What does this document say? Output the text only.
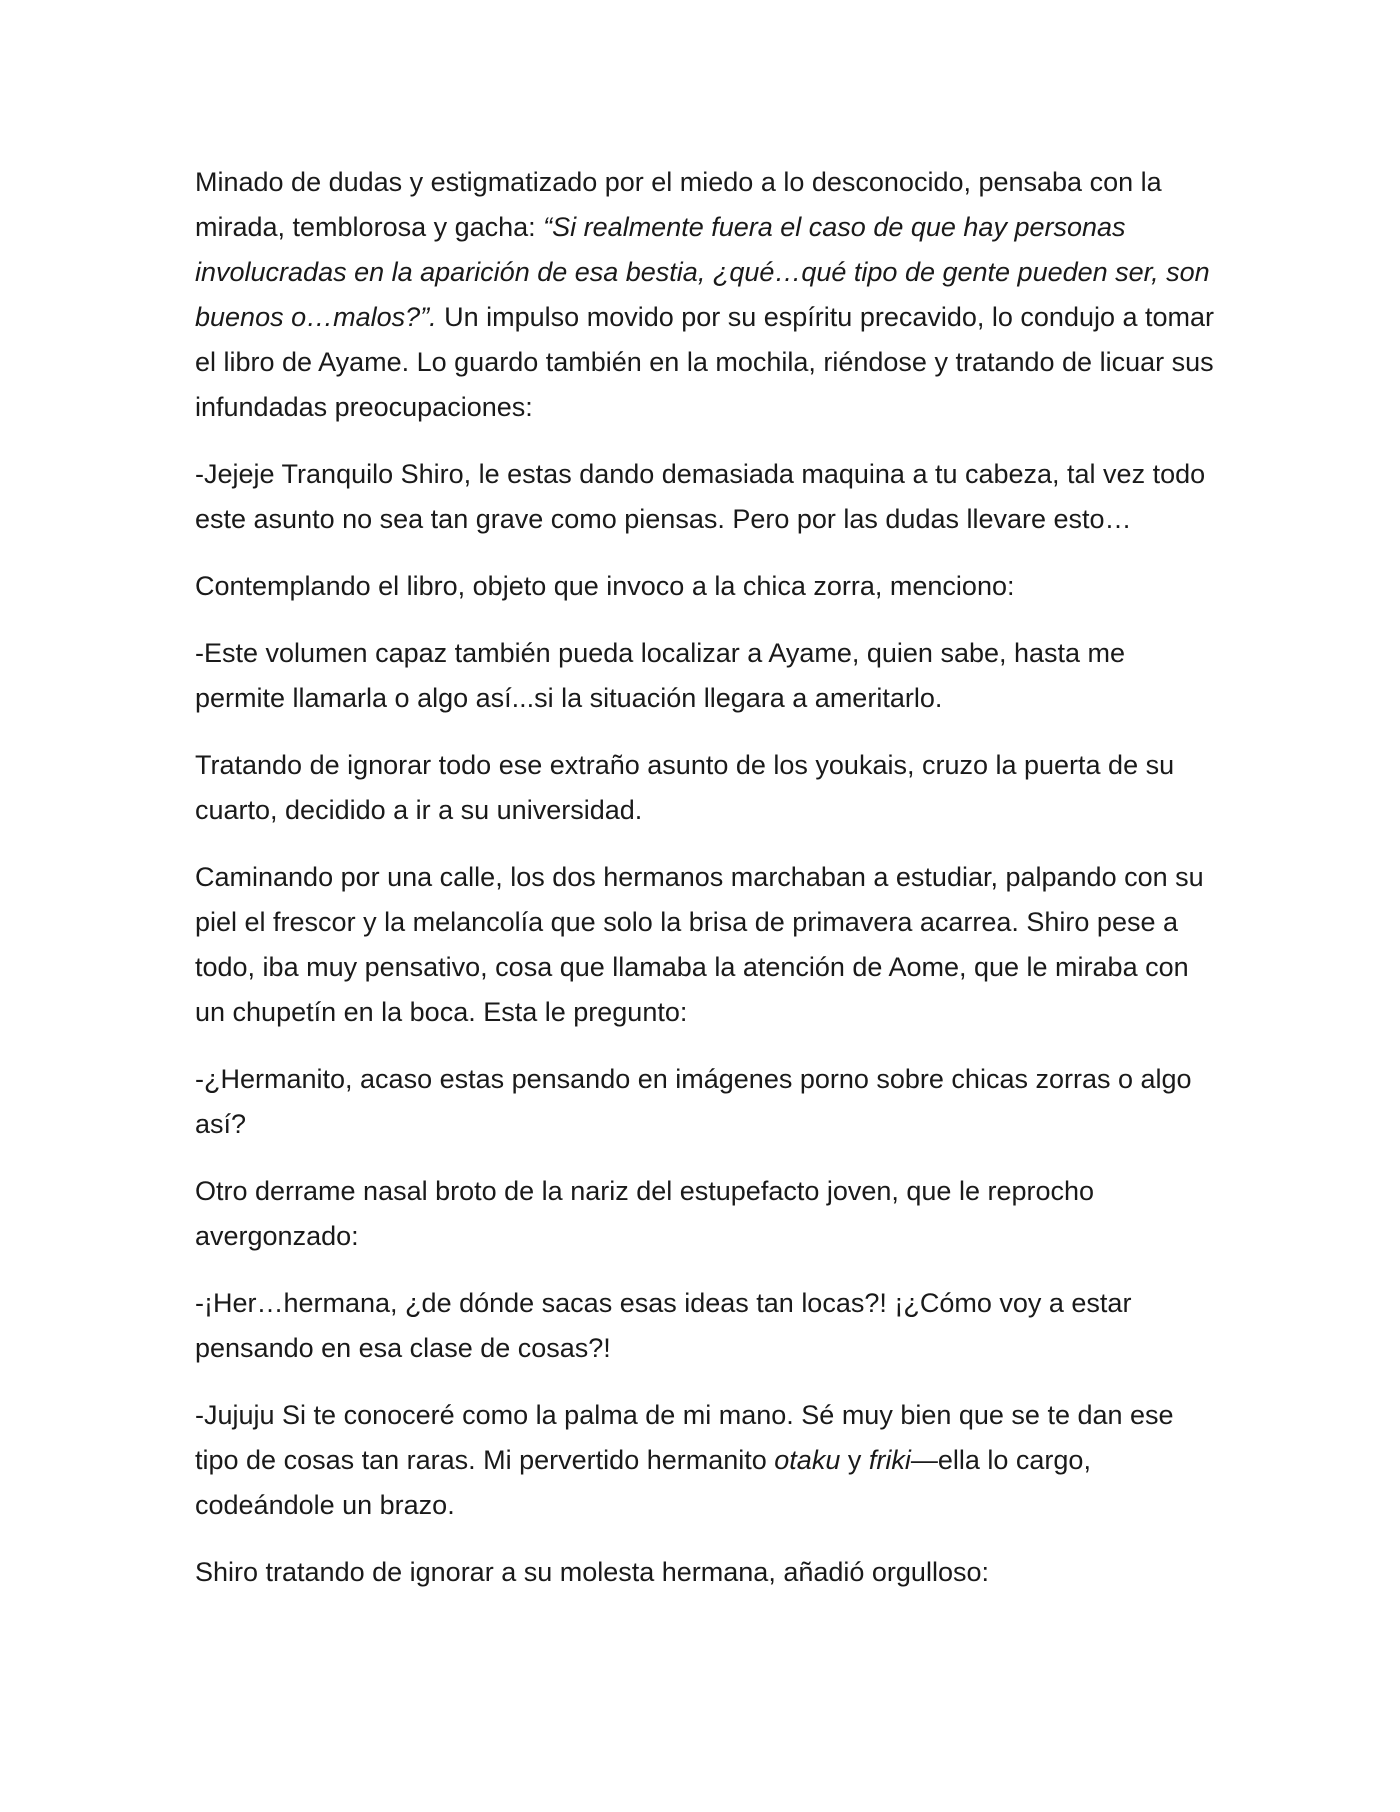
Minado de dudas y estigmatizado por el miedo a lo desconocido, pensaba con la mirada, temblorosa y gacha: “Si realmente fuera el caso de que hay personas involucradas en la aparición de esa bestia, ¿qué…qué tipo de gente pueden ser, son buenos o…malos?”. Un impulso movido por su espíritu precavido, lo condujo a tomar el libro de Ayame. Lo guardo también en la mochila, riéndose y tratando de licuar sus infundadas preocupaciones:

-Jejeje Tranquilo Shiro, le estas dando demasiada maquina a tu cabeza, tal vez todo este asunto no sea tan grave como piensas. Pero por las dudas llevare esto…

Contemplando el libro, objeto que invoco a la chica zorra, menciono:

-Este volumen capaz también pueda localizar a Ayame, quien sabe, hasta me permite llamarla o algo así...si la situación llegara a ameritarlo.

Tratando de ignorar todo ese extraño asunto de los youkais, cruzo la puerta de su cuarto, decidido a ir a su universidad.

Caminando por una calle, los dos hermanos marchaban a estudiar, palpando con su piel el frescor y la melancolía que solo la brisa de primavera acarrea. Shiro pese a todo, iba muy pensativo, cosa que llamaba la atención de Aome, que le miraba con un chupetín en la boca. Esta le pregunto:

-¿Hermanito, acaso estas pensando en imágenes porno sobre chicas zorras o algo así?

Otro derrame nasal broto de la nariz del estupefacto joven, que le reprocho avergonzado:

-¡Her…hermana, ¿de dónde sacas esas ideas tan locas?! ¡¿Cómo voy a estar pensando en esa clase de cosas?!

-Jujuju Si te conoceré como la palma de mi mano. Sé muy bien que se te dan ese tipo de cosas tan raras. Mi pervertido hermanito otaku y friki—ella lo cargo, codeándole un brazo.

Shiro tratando de ignorar a su molesta hermana, añadió orgulloso:
